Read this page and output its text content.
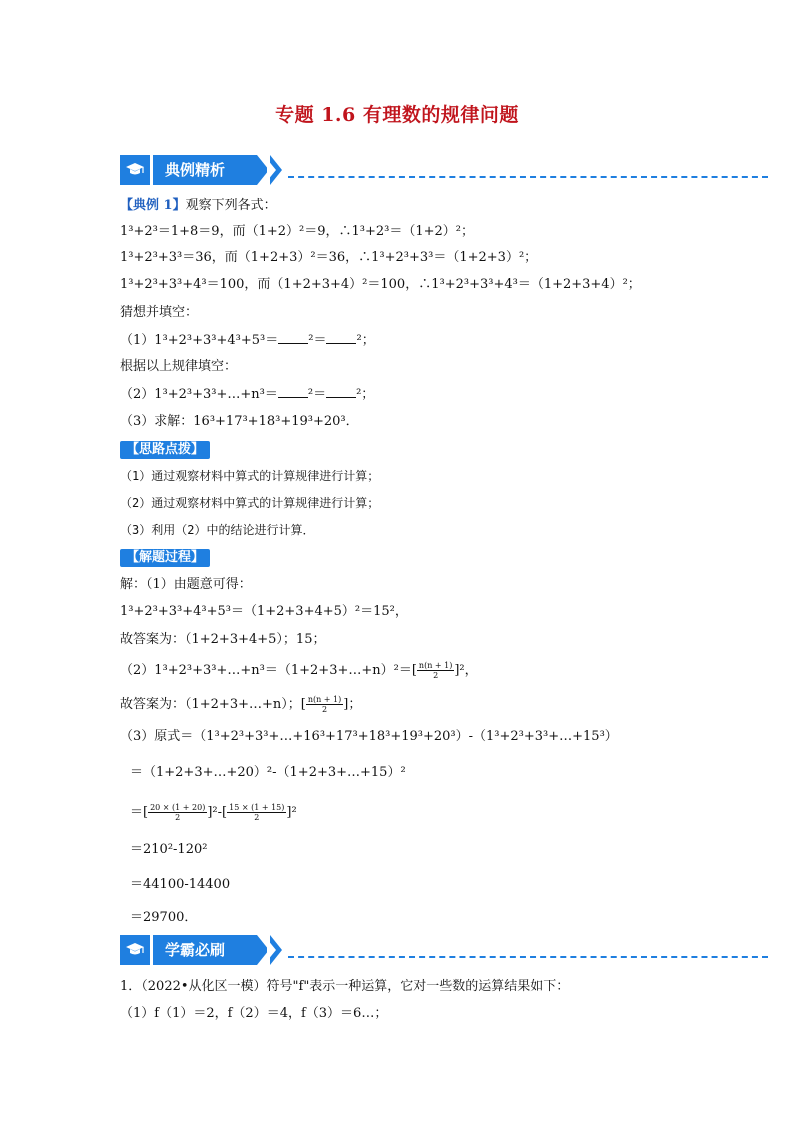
专题 1.6 有理数的规律问题
典例精析
【典例 1】观察下列各式：
1³+2³＝1+8＝9，而（1+2）²＝9，∴1³+2³＝（1+2）²；
1³+2³+3³＝36，而（1+2+3）²＝36，∴1³+2³+3³＝（1+2+3）²；
1³+2³+3³+4³＝100，而（1+2+3+4）²＝100，∴1³+2³+3³+4³＝（1+2+3+4）²；
猜想并填空：
（1）1³+2³+3³+4³+5³＝ ²＝ ²；
根据以上规律填空：
（2）1³+2³+3³+…+n³＝ ²＝ ²；
（3）求解：16³+17³+18³+19³+20³．
【思路点拨】
（1）通过观察材料中算式的计算规律进行计算；
（2）通过观察材料中算式的计算规律进行计算；
（3）利用（2）中的结论进行计算．
【解题过程】
解：（1）由题意可得：
1³+2³+3³+4³+5³＝（1+2+3+4+5）²＝15²，
故答案为：（1+2+3+4+5）；15；
（2）1³+2³+3³+…+n³＝（1+2+3+…+n）²＝[ $\frac{n(n + 1)}{2} ]^2$，
故答案为：（1+2+3+…+n）；[ $\frac{n(n + 1)}{2}$ ]；
（3）原式＝（1³+2³+3³+…+16³+17³+18³+19³+20³）-（1³+2³+3³+…+15³）
＝（1+2+3+…+20）²-（1+2+3+…+15）²
＝[ $\frac{20 \times (1 + 20)}{2} ]^2-[ \frac{15 \times (1 + 15)}{2} ]^2$
＝210²-120²
＝44100-14400
＝29700．
学霸必刷
1．（2022•从化区一模）符号"f"表示一种运算，它对一些数的运算结果如下：
（1）f（1）＝2，f（2）＝4，f（3）＝6…；
